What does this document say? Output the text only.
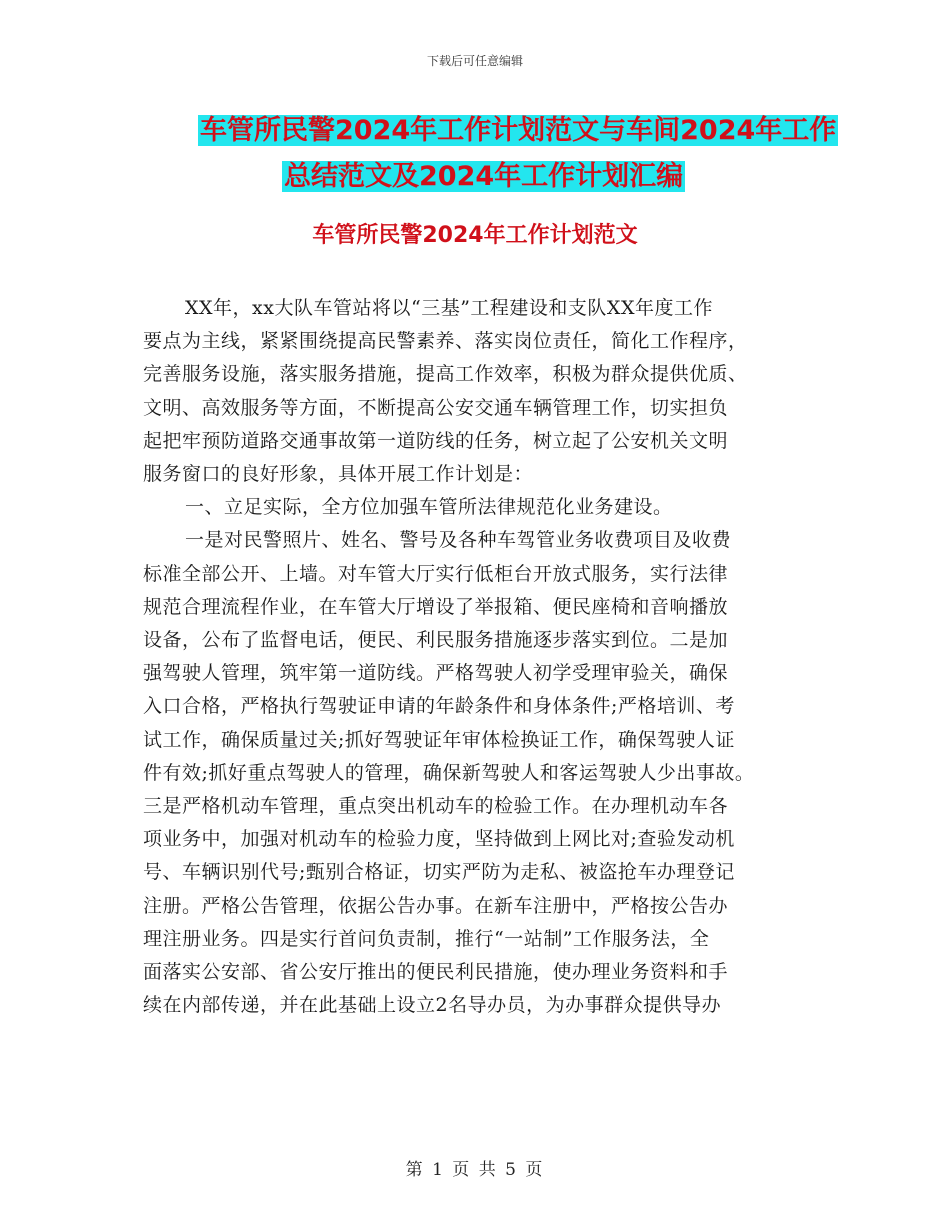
下载后可任意编辑
车管所民警2024年工作计划范文与车间2024年工作
总结范文及2024年工作计划汇编
车管所民警2024年工作计划范文

XX年，xx大队车管站将以“三基”工程建设和支队XX年度工作
要点为主线，紧紧围绕提高民警素养、落实岗位责任，简化工作程序，
完善服务设施，落实服务措施，提高工作效率，积极为群众提供优质、
文明、高效服务等方面，不断提高公安交通车辆管理工作，切实担负
起把牢预防道路交通事故第一道防线的任务，树立起了公安机关文明
服务窗口的良好形象，具体开展工作计划是：

一、立足实际，全方位加强车管所法律规范化业务建设。

一是对民警照片、姓名、警号及各种车驾管业务收费项目及收费
标准全部公开、上墙。对车管大厅实行低柜台开放式服务，实行法律
规范合理流程作业，在车管大厅增设了举报箱、便民座椅和音响播放
设备，公布了监督电话，便民、利民服务措施逐步落实到位。二是加
强驾驶人管理，筑牢第一道防线。严格驾驶人初学受理审验关，确保
入口合格，严格执行驾驶证申请的年龄条件和身体条件;严格培训、考
试工作，确保质量过关;抓好驾驶证年审体检换证工作，确保驾驶人证
件有效;抓好重点驾驶人的管理，确保新驾驶人和客运驾驶人少出事故。
三是严格机动车管理，重点突出机动车的检验工作。在办理机动车各
项业务中，加强对机动车的检验力度，坚持做到上网比对;查验发动机
号、车辆识别代号;甄别合格证，切实严防为走私、被盗抢车办理登记
注册。严格公告管理，依据公告办事。在新车注册中，严格按公告办
理注册业务。四是实行首问负责制，推行“一站制”工作服务法，全
面落实公安部、省公安厅推出的便民利民措施，使办理业务资料和手
续在内部传递，并在此基础上设立2名导办员，为办事群众提供导办

第 1 页 共 5 页
